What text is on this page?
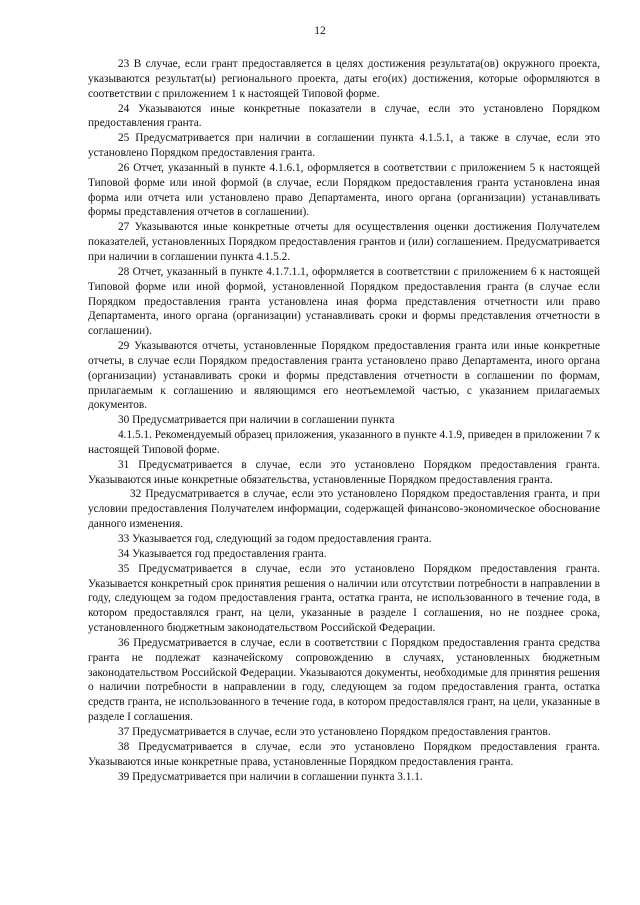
12

23 В случае, если грант предоставляется в целях достижения результата(ов) окружного проекта, указываются результат(ы) регионального проекта, даты его(их) достижения, которые оформляются в соответствии с приложением 1 к настоящей Типовой форме.

24 Указываются иные конкретные показатели в случае, если это установлено Порядком предоставления гранта.

25 Предусматривается при наличии в соглашении пункта 4.1.5.1, а также в случае, если это установлено Порядком предоставления гранта.

26 Отчет, указанный в пункте 4.1.6.1, оформляется в соответствии с приложением 5 к настоящей Типовой форме или иной формой (в случае, если Порядком предоставления гранта установлена иная форма или отчета или установлено право Департамента, иного органа (организации) устанавливать формы представления отчетов в соглашении).

27 Указываются иные конкретные отчеты для осуществления оценки достижения Получателем показателей, установленных Порядком предоставления грантов и (или) соглашением. Предусматривается при наличии в соглашении пункта 4.1.5.2.

28 Отчет, указанный в пункте 4.1.7.1.1, оформляется в соответствии с приложением 6 к настоящей Типовой форме или иной формой, установленной Порядком предоставления гранта (в случае если Порядком предоставления гранта установлена иная форма представления отчетности или право Департамента, иного органа (организации) устанавливать сроки и формы представления отчетности в соглашении).

29 Указываются отчеты, установленные Порядком предоставления гранта или иные конкретные отчеты, в случае если Порядком предоставления гранта установлено право Департамента, иного органа (организации) устанавливать сроки и формы представления отчетности в соглашении по формам, прилагаемым к соглашению и являющимся его неотъемлемой частью, с указанием прилагаемых документов.

30 Предусматривается при наличии в соглашении пункта

4.1.5.1. Рекомендуемый образец приложения, указанного в пункте 4.1.9, приведен в приложении 7 к настоящей Типовой форме.

31 Предусматривается в случае, если это установлено Порядком предоставления гранта. Указываются иные конкретные обязательства, установленные Порядком предоставления гранта.

32 Предусматривается в случае, если это установлено Порядком предоставления гранта, и при условии предоставления Получателем информации, содержащей финансово-экономическое обоснование данного изменения.

33 Указывается год, следующий за годом предоставления гранта.

34 Указывается год предоставления гранта.

35 Предусматривается в случае, если это установлено Порядком предоставления гранта. Указывается конкретный срок принятия решения о наличии или отсутствии потребности в направлении в году, следующем за годом предоставления гранта, остатка гранта, не использованного в течение года, в котором предоставлялся грант, на цели, указанные в разделе I соглашения, но не позднее срока, установленного бюджетным законодательством Российской Федерации.

36 Предусматривается в случае, если в соответствии с Порядком предоставления гранта средства гранта не подлежат казначейскому сопровождению в случаях, установленных бюджетным законодательством Российской Федерации. Указываются документы, необходимые для принятия решения о наличии потребности в направлении в году, следующем за годом предоставления гранта, остатка средств гранта, не использованного в течение года, в котором предоставлялся грант, на цели, указанные в разделе I соглашения.

37 Предусматривается в случае, если это установлено Порядком предоставления грантов.

38 Предусматривается в случае, если это установлено Порядком предоставления гранта. Указываются иные конкретные права, установленные Порядком предоставления гранта.

39 Предусматривается при наличии в соглашении пункта 3.1.1.
